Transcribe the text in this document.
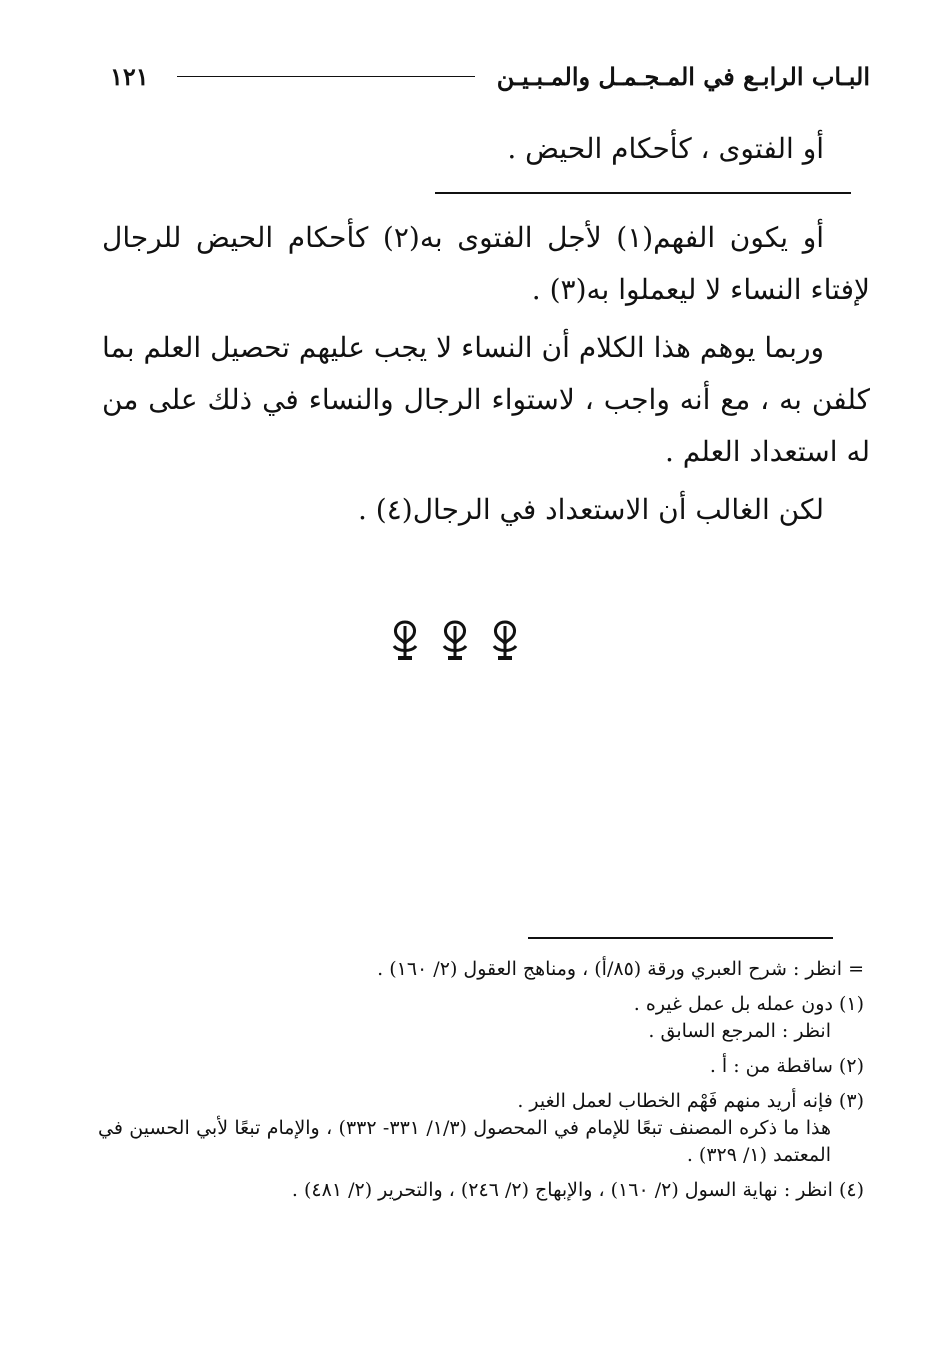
البـاب الرابـع في المـجـمـل والمـبـيـن
١٢١
أو الفتوى ، كأحكام الحيض .

أو يكون الفهم(١) لأجل الفتوى به(٢) كأحكام الحيض للرجال لإفتاء النساء لا ليعملوا به(٣) .

وربما يوهم هذا الكلام أن النساء لا يجب عليهم تحصيل العلم بما كلفن به ، مع أنه واجب ، لاستواء الرجال والنساء في ذلك على من له استعداد العلم .

لكن الغالب أن الاستعداد في الرجال(٤) .

= انظر : شرح العبري ورقة (٨٥/أ) ، ومناهج العقول (٢/ ١٦٠) .
(١) دون عمله بل عمل غيره .
انظر : المرجع السابق .
(٢) ساقطة من : أ .
(٣) فإنه أريد منهم فَهْم الخطاب لعمل الغير .
هذا ما ذكره المصنف تبعًا للإمام في المحصول (١/٣/ ٣٣١- ٣٣٢) ، والإمام تبعًا لأبي الحسين في المعتمد (١/ ٣٢٩) .
(٤) انظر : نهاية السول (٢/ ١٦٠) ، والإبهاج (٢/ ٢٤٦) ، والتحرير (٢/ ٤٨١) .
